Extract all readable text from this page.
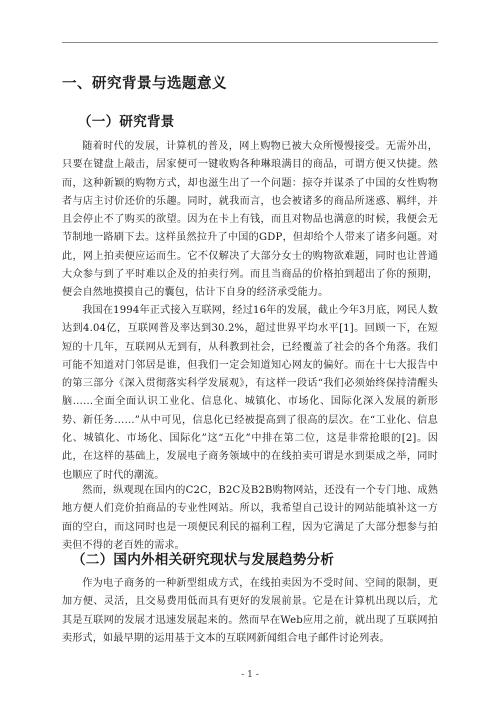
一、研究背景与选题意义
（一）研究背景

随着时代的发展，计算机的普及，网上购物已被大众所慢慢接受。无需外出，只要在键盘上敲击，居家便可一键收购各种琳琅满目的商品，可谓方便又快捷。然而，这种新颖的购物方式，却也滋生出了一个问题：掠夺并谋杀了中国的女性购物者与店主讨价还价的乐趣。同时，就我而言，也会被诸多的商品所迷惑、羁绊，并且会停止不了购买的欲望。因为在卡上有钱，而且对物品也满意的时候，我便会无节制地一路刷下去。这样虽然拉升了中国的GDP，但却给个人带来了诸多问题。对此，网上拍卖便应运而生。它不仅解决了大部分女士的购物欲难题，同时也让普通大众参与到了平时难以企及的拍卖行列。而且当商品的价格拍到超出了你的预期，便会自然地摸摸自己的囊包，估计下自身的经济承受能力。

我国在1994年正式接入互联网，经过16年的发展，截止今年3月底，网民人数达到4.04亿，互联网普及率达到30.2%，超过世界平均水平[1]。回顾一下，在短短的十几年，互联网从无到有，从科教到社会，已经覆盖了社会的各个角落。我们可能不知道对门邻居是谁，但我们一定会知道知心网友的偏好。而在十七大报告中的第三部分《深入贯彻落实科学发展观》，有这样一段话“我们必须始终保持清醒头脑……全面全面认识工业化、信息化、城镇化、市场化、国际化深入发展的新形势、新任务……”从中可见，信息化已经被提高到了很高的层次。在“工业化、信息化、城镇化、市场化、国际化”这“五化”中排在第二位，这是非常抢眼的[2]。因此，在这样的基础上，发展电子商务领域中的在线拍卖可谓是水到渠成之举，同时也顺应了时代的潮流。

然而，纵观现在国内的C2C，B2C及B2B购物网站，还没有一个专门地、成熟地方便人们竞价拍商品的专业性网站。所以，我希望自己设计的网站能填补这一方面的空白，而这同时也是一项便民利民的福利工程，因为它满足了大部分想参与拍卖但不得的老百姓的需求。

（二）国内外相关研究现状与发展趋势分析

作为电子商务的一种新型组成方式，在线拍卖因为不受时间、空间的限制，更加方便、灵活，且交易费用低而具有更好的发展前景。它是在计算机出现以后，尤其是互联网的发展才迅速发展起来的。然而早在Web应用之前，就出现了互联网拍卖形式，如最早期的运用基于文本的互联网新闻组合电子邮件讨论列表。

- 1 -
